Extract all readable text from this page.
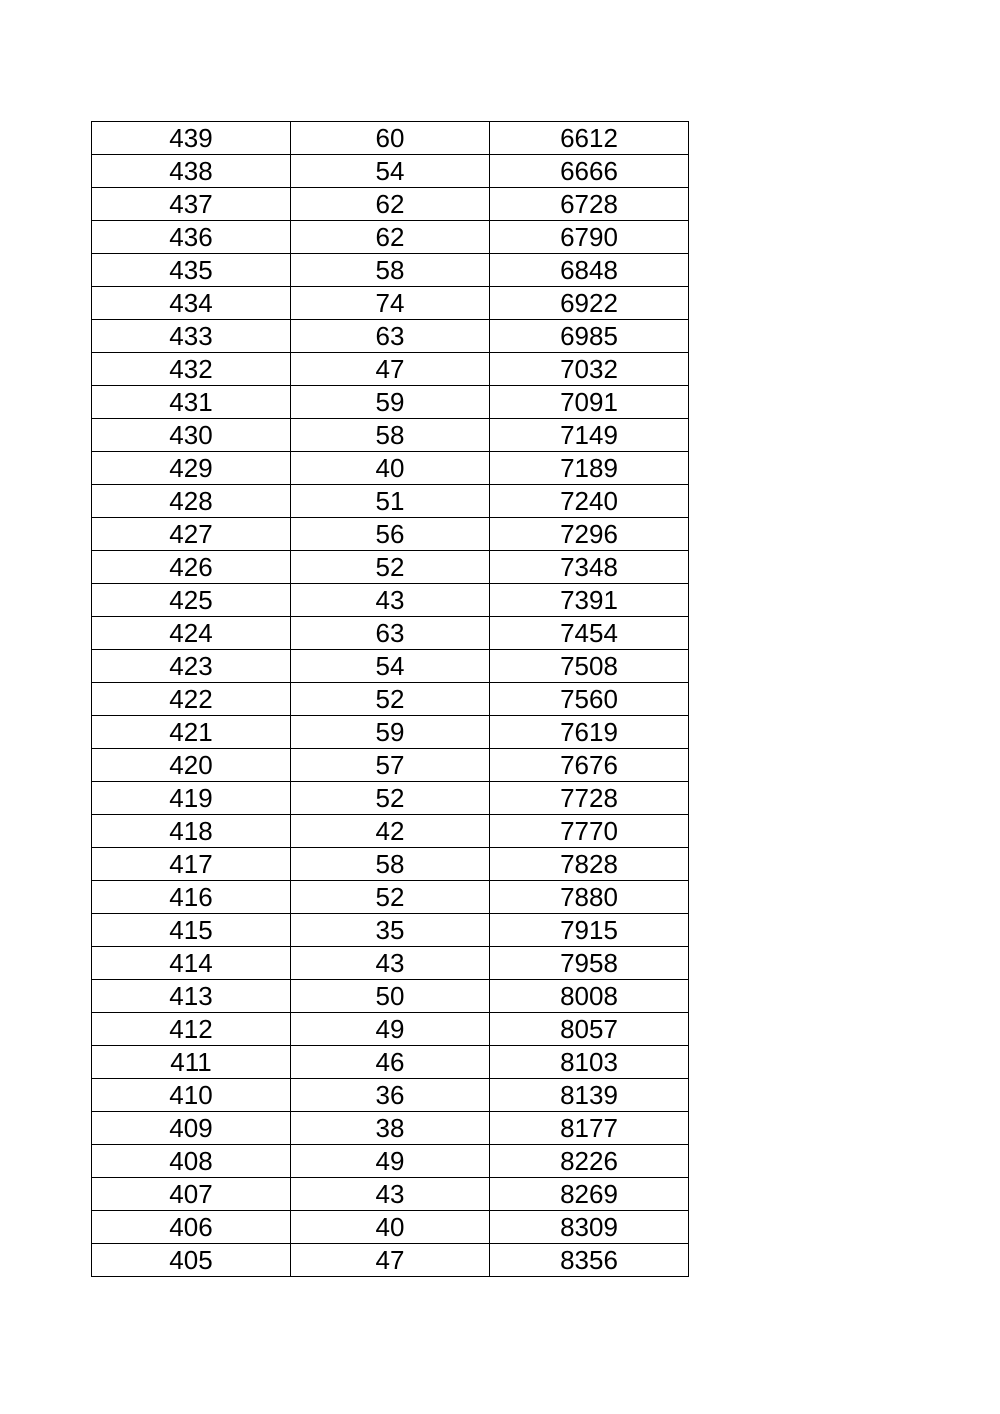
439	60	6612
438	54	6666
437	62	6728
436	62	6790
435	58	6848
434	74	6922
433	63	6985
432	47	7032
431	59	7091
430	58	7149
429	40	7189
428	51	7240
427	56	7296
426	52	7348
425	43	7391
424	63	7454
423	54	7508
422	52	7560
421	59	7619
420	57	7676
419	52	7728
418	42	7770
417	58	7828
416	52	7880
415	35	7915
414	43	7958
413	50	8008
412	49	8057
411	46	8103
410	36	8139
409	38	8177
408	49	8226
407	43	8269
406	40	8309
405	47	8356
